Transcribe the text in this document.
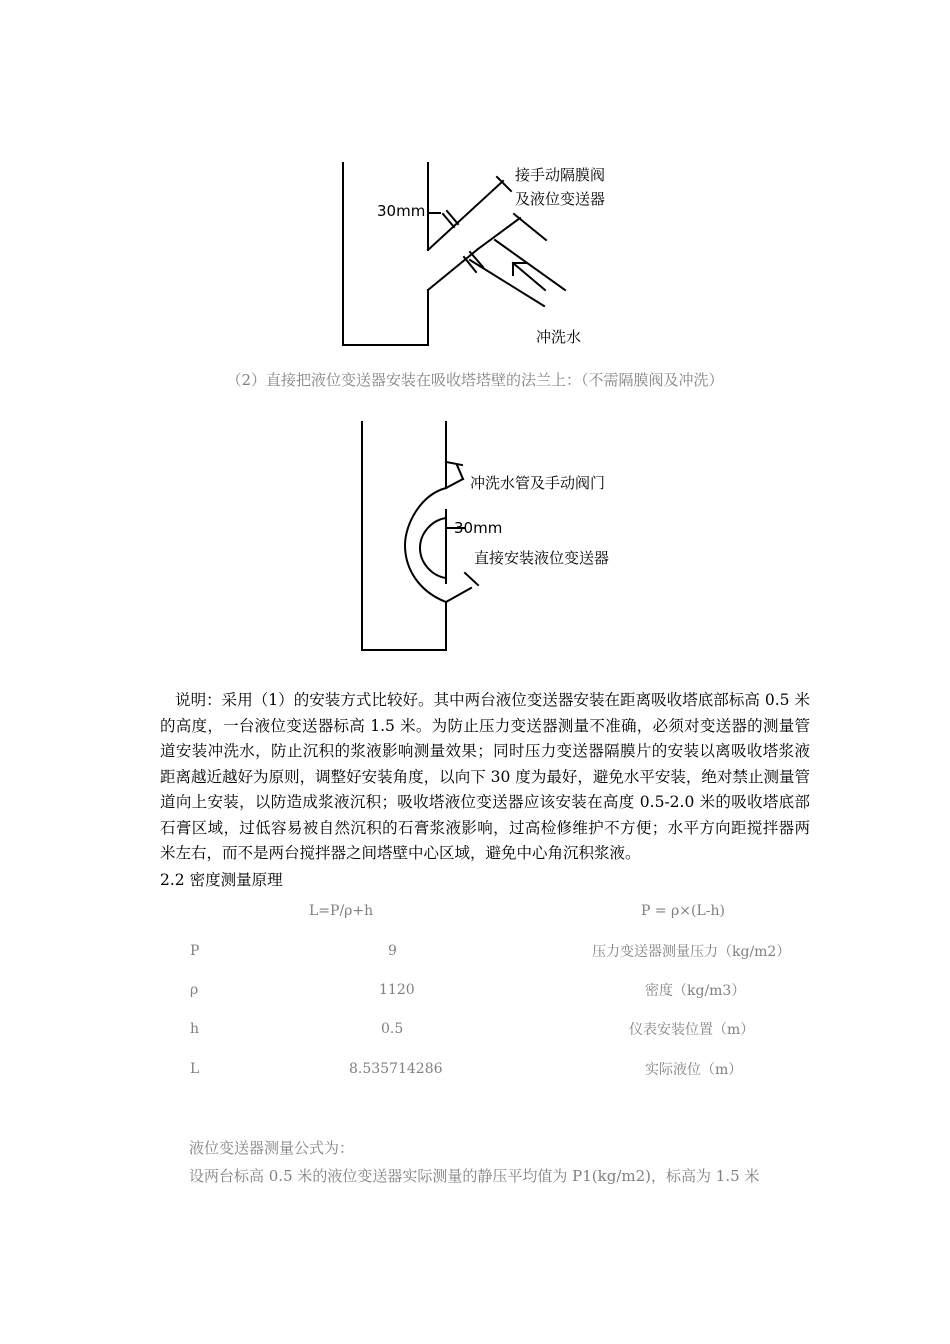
30mm
接手动隔膜阀
及液位变送器
冲洗水
（2）直接把液位变送器安装在吸收塔塔壁的法兰上：（不需隔膜阀及冲洗）
冲洗水管及手动阀门
30mm
直接安装液位变送器
说明：采用（1）的安装方式比较好。其中两台液位变送器安装在距离吸收塔底部标高 0.5 米的高度，一台液位变送器标高 1.5 米。为防止压力变送器测量不准确，必须对变送器的测量管道安装冲洗水，防止沉积的浆液影响测量效果；同时压力变送器隔膜片的安装以离吸收塔浆液距离越近越好为原则，调整好安装角度，以向下 30 度为最好，避免水平安装，绝对禁止测量管道向上安装，以防造成浆液沉积；吸收塔液位变送器应该安装在高度 0.5-2.0 米的吸收塔底部石膏区域，过低容易被自然沉积的石膏浆液影响，过高检修维护不方便；水平方向距搅拌器两米左右，而不是两台搅拌器之间塔壁中心区域，避免中心角沉积浆液。
2.2 密度测量原理
L=P/ρ+h	P = ρ×(L-h)
P	9	压力变送器测量压力（kg/m2）
ρ	1120	密度（kg/m3）
h	0.5	仪表安装位置（m）
L	8.535714286	实际液位（m）
液位变送器测量公式为：
设两台标高 0.5 米的液位变送器实际测量的静压平均值为 P1(kg/m2)，标高为 1.5 米
